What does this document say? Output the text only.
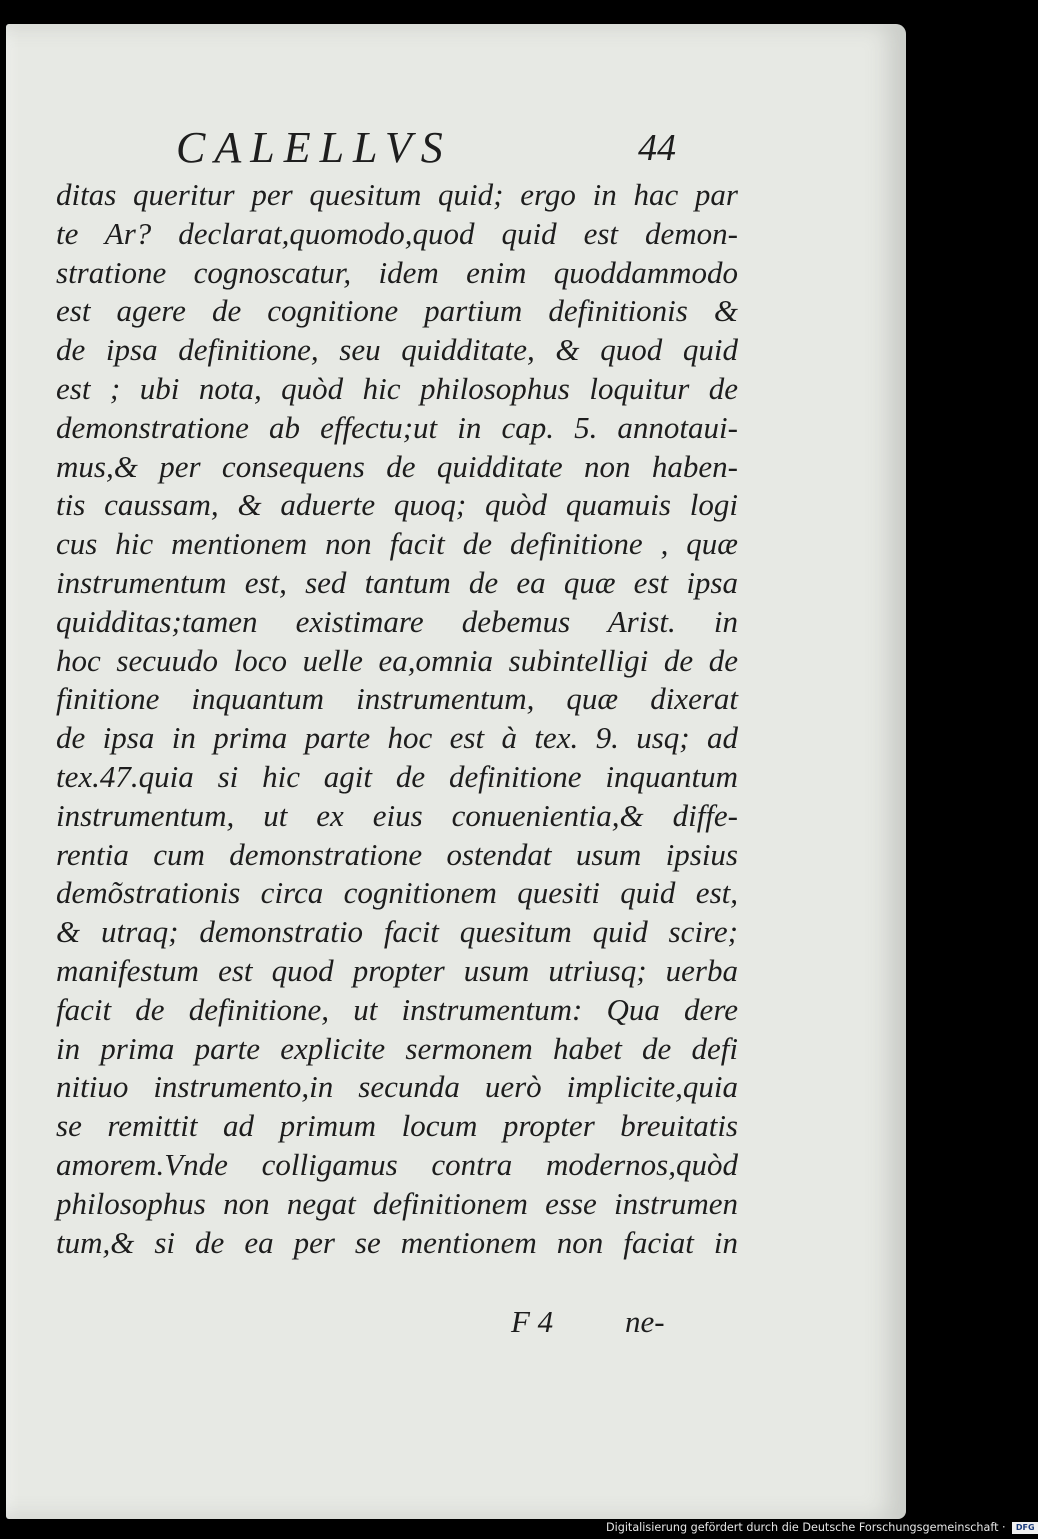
CALELLVS	44
ditas queritur per quesitum quid; ergo in hac par
te Ar? declarat,quomodo,quod quid est demon-
stratione cognoscatur, idem enim quoddammodo
est agere de cognitione partium definitionis &
de ipsa definitione, seu quidditate, & quod quid
est ; ubi nota, quòd hic philosophus loquitur de
demonstratione ab effectu;ut in cap. 5. annotaui-
mus,& per consequens de quidditate non haben-
tis caussam, & aduerte quoq; quòd quamuis logi
cus hic mentionem non facit de definitione , quæ
instrumentum est, sed tantum de ea quæ est ipsa
quidditas;tamen existimare debemus Arist. in
hoc secuudo loco uelle ea,omnia subintelligi de de
finitione inquantum instrumentum, quæ dixerat
de ipsa in prima parte hoc est à tex. 9. usq; ad
tex.47.quia si hic agit de definitione inquantum
instrumentum, ut ex eius conuenientia,& diffe-
rentia cum demonstratione ostendat usum ipsius
demõstrationis circa cognitionem quesiti quid est,
& utraq; demonstratio facit quesitum quid scire;
manifestum est quod propter usum utriusq; uerba
facit de definitione, ut instrumentum: Qua dere
in prima parte explicite sermonem habet de defi
nitiuo instrumento,in secunda uerò implicite,quia
se remittit ad primum locum propter breuitatis
amorem.Vnde colligamus contra modernos,quòd
philosophus non negat definitionem esse instrumen
tum,& si de ea per se mentionem non faciat in
F 4 ne-
Digitalisierung gefördert durch die Deutsche Forschungsgemeinschaft · DFG
